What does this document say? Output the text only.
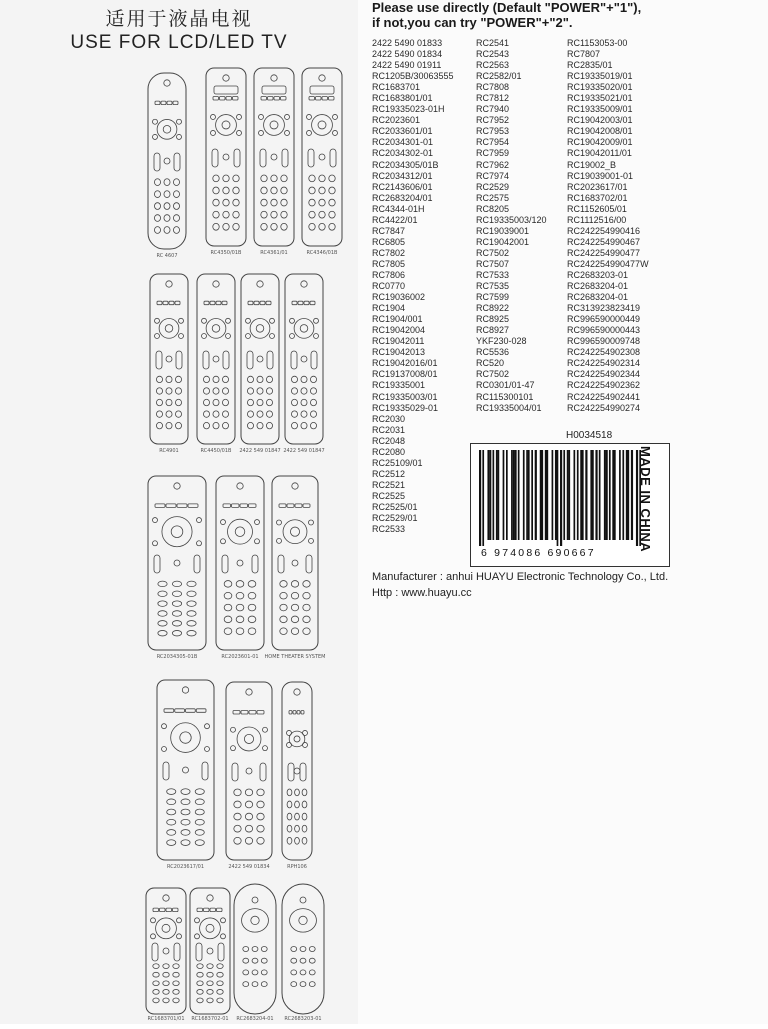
适用于液晶电视
USE FOR LCD/LED TV
RC 4607	RC4350/01B	RC4361/01	RC4346/01B
RC4901	RC4450/01B 2422 549 01847 2422 549 01847
RC2034305-01B	RC2023601-01 HOME THEATER SYSTEM
RC2023617/01	2422 549 01834	RPH106
RC1683701/01 RC1683702-01 RC2683204-01 RC2683203-01
Please use directly (Default "POWER"+"1"),
if not,you can try "POWER"+"2".
2422 5490 01833
2422 5490 01834
2422 5490 01911
RC1205B/30063555
RC1683701
RC1683801/01
RC19335023-01H
RC2023601
RC2033601/01
RC2034301-01
RC2034302-01
RC2034305/01B
RC2034312/01
RC2143606/01
RC2683204/01
RC4344-01H
RC4422/01
RC7847
RC6805
RC7802
RC7805
RC7806
RC0770
RC19036002
RC1904
RC1904/001
RC19042004
RC19042011
RC19042013
RC19042016/01
RC19137008/01
RC19335001
RC19335003/01
RC19335029-01
RC2030
RC2031
RC2048
RC2080
RC25109/01
RC2512
RC2521
RC2525
RC2525/01
RC2529/01
RC2533
RC2541
RC2543
RC2563
RC2582/01
RC7808
RC7812
RC7940
RC7952
RC7953
RC7954
RC7959
RC7962
RC7974
RC2529
RC2575
RC8205
RC19335003/120
RC19039001
RC19042001
RC7502
RC7507
RC7533
RC7535
RC7599
RC8922
RC8925
RC8927
YKF230-028
RC5536
RC520
RC7502
RC0301/01-47
RC115300101
RC19335004/01
RC1153053-00
RC7807
RC2835/01
RC19335019/01
RC19335020/01
RC19335021/01
RC19335009/01
RC19042003/01
RC19042008/01
RC19042009/01
RC19042011/01
RC19002_B
RC19039001-01
RC2023617/01
RC1683702/01
RC1152605/01
RC1112516/00
RC242254990416
RC242254990467
RC242254990477
RC242254990477W
RC2683203-01
RC2683204-01
RC2683204-01
RC313923823419
RC996590000449
RC996590000443
RC996590009748
RC242254902308
RC242254902314
RC242254902344
RC242254902362
RC242254902441
RC242254990274
H0034518
6 974086 690667
MADE IN CHINA
Manufacturer : anhui HUAYU Electronic Technology Co., Ltd.
Http : www.huayu.cc
